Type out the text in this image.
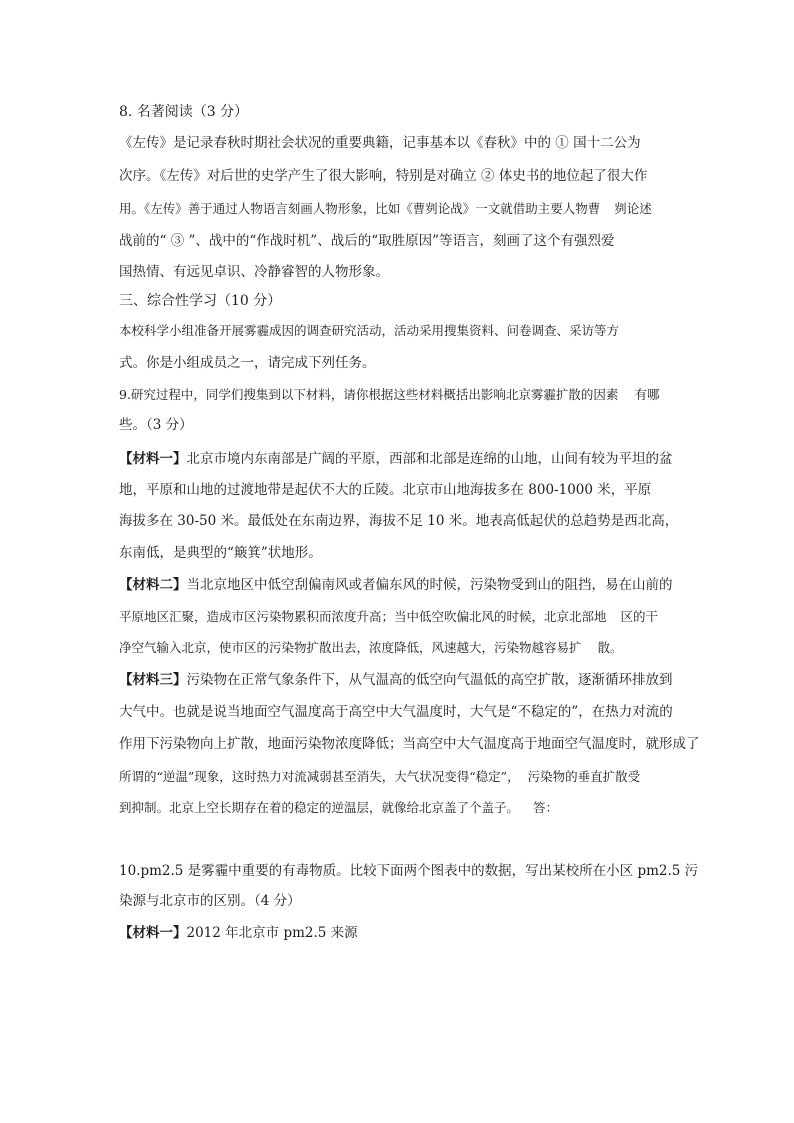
8. 名著阅读（3 分）
《左传》是记录春秋时期社会状况的重要典籍，记事基本以《春秋》中的 ① 国十二公为
次序。《左传》对后世的史学产生了很大影响，特别是对确立 ② 体史书的地位起了很大作
用。《左传》善于通过人物语言刻画人物形象，比如《曹刿论战》一文就借助主要人物曹 刿论述
战前的“ ③ ”、战中的“作战时机”、战后的“取胜原因”等语言，刻画了这个有强烈爱
国热情、有远见卓识、冷静睿智的人物形象。
三、综合性学习（10 分）
本校科学小组准备开展雾霾成因的调查研究活动，活动采用搜集资料、问卷调查、采访等方
式。你是小组成员之一，请完成下列任务。
9.研究过程中，同学们搜集到以下材料，请你根据这些材料概括出影响北京雾霾扩散的因素 有哪
些。（3 分）
【材料一】北京市境内东南部是广阔的平原，西部和北部是连绵的山地，山间有较为平坦的盆
地，平原和山地的过渡地带是起伏不大的丘陵。北京市山地海拔多在 800-1000 米，平原
海拔多在 30-50 米。最低处在东南边界，海拔不足 10 米。地表高低起伏的总趋势是西北高，
东南低，是典型的“簸箕”状地形。
【材料二】当北京地区中低空刮偏南风或者偏东风的时候，污染物受到山的阻挡，易在山前的
平原地区汇聚，造成市区污染物累积而浓度升高；当中低空吹偏北风的时候，北京北部地 区的干
净空气输入北京，使市区的污染物扩散出去，浓度降低，风速越大，污染物越容易扩 散。
【材料三】污染物在正常气象条件下，从气温高的低空向气温低的高空扩散，逐渐循环排放到
大气中。也就是说当地面空气温度高于高空中大气温度时，大气是“不稳定的”，在热力对流的
作用下污染物向上扩散，地面污染物浓度降低；当高空中大气温度高于地面空气温度时，就形成了
所谓的“逆温”现象，这时热力对流减弱甚至消失，大气状况变得“稳定”， 污染物的垂直扩散受
到抑制。北京上空长期存在着的稳定的逆温层，就像给北京盖了个盖子。 答：
10.pm2.5 是雾霾中重要的有毒物质。比较下面两个图表中的数据，写出某校所在小区 pm2.5 污
染源与北京市的区别。（4 分）
【材料一】2012 年北京市 pm2.5 来源
